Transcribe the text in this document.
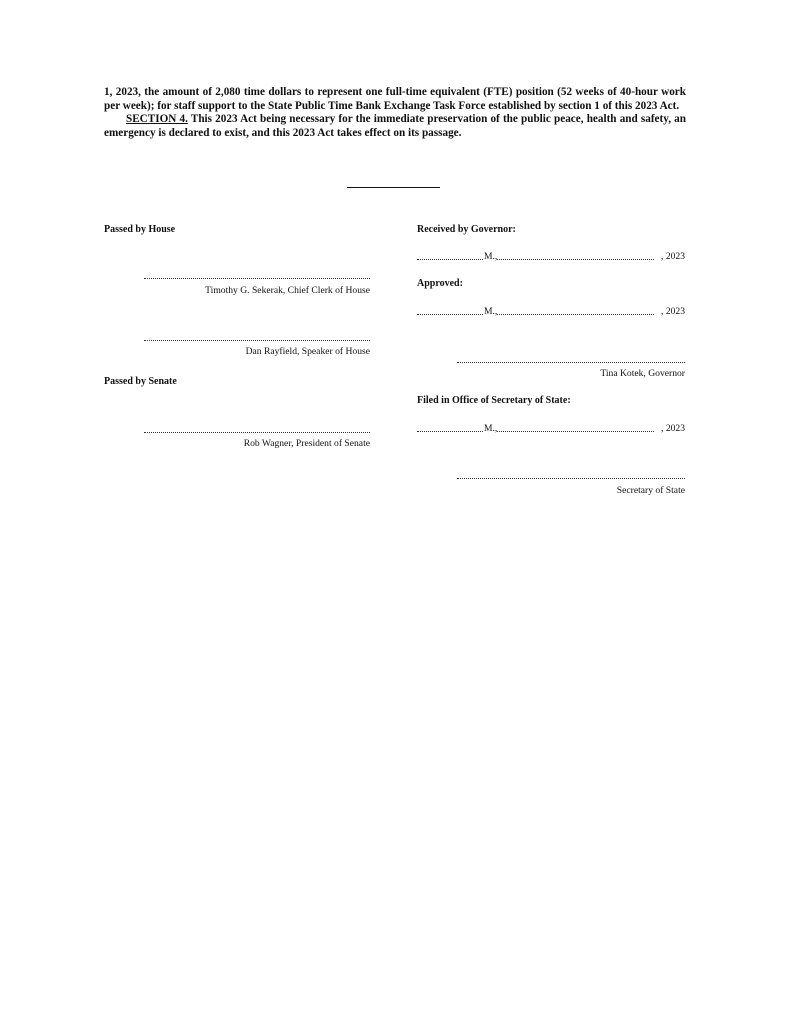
1, 2023, the amount of 2,080 time dollars to represent one full-time equivalent (FTE) position (52 weeks of 40-hour work per week); for staff support to the State Public Time Bank Exchange Task Force established by section 1 of this 2023 Act.

SECTION 4. This 2023 Act being necessary for the immediate preservation of the public peace, health and safety, an emergency is declared to exist, and this 2023 Act takes effect on its passage.

Passed by House
Timothy G. Sekerak, Chief Clerk of House
Dan Rayfield, Speaker of House
Passed by Senate
Rob Wagner, President of Senate
Received by Governor:
M.,	, 2023
Approved:
M.,	, 2023
Tina Kotek, Governor
Filed in Office of Secretary of State:
M.,	, 2023
Secretary of State
